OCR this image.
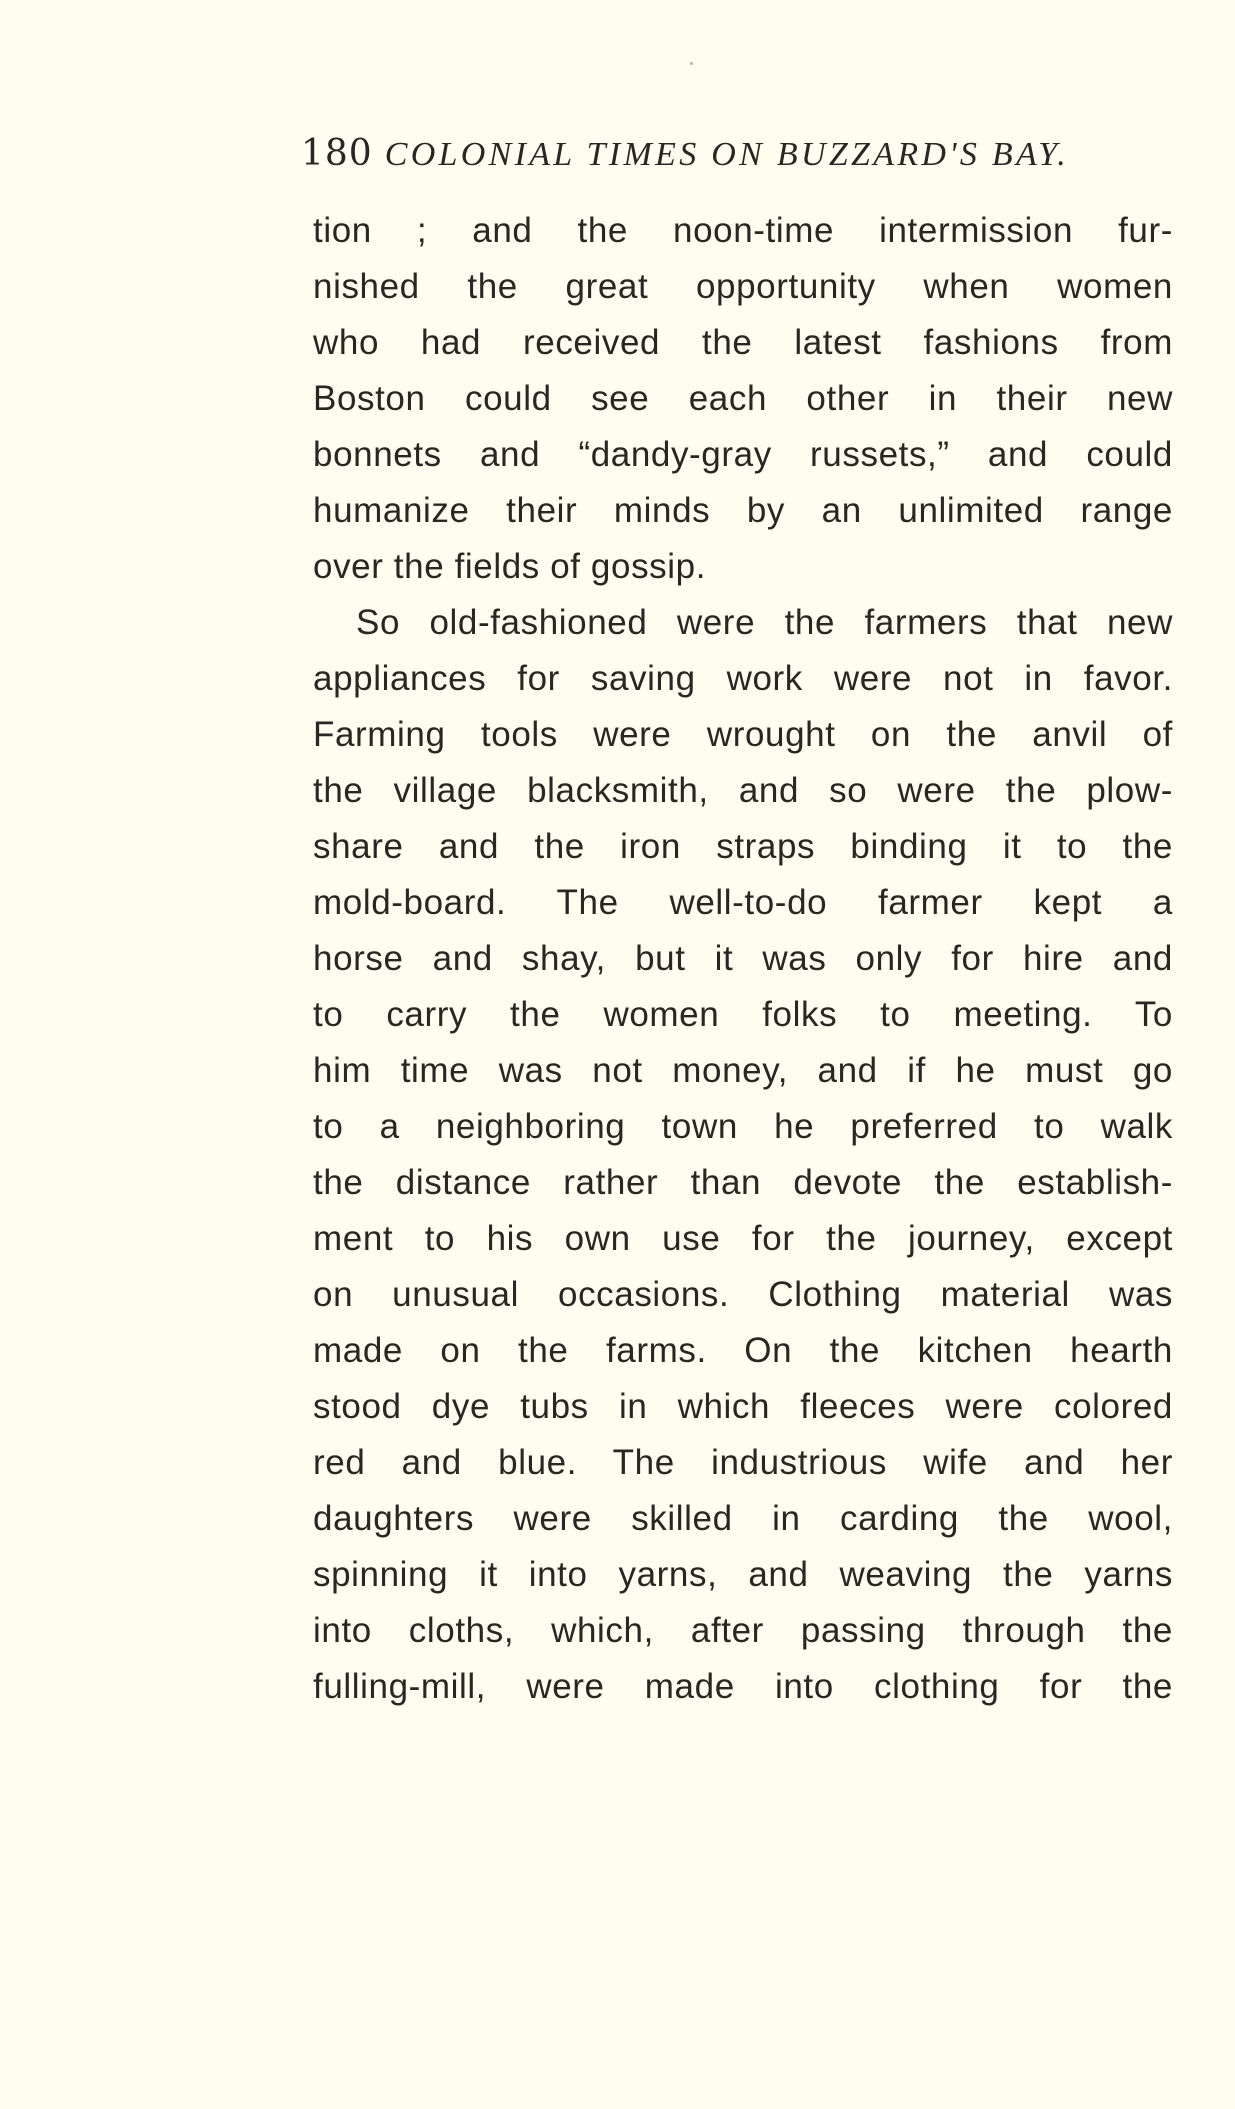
180 COLONIAL TIMES ON BUZZARD'S BAY.
tion ; and the noon-time intermission fur-
nished the great opportunity when women
who had received the latest fashions from
Boston could see each other in their new
bonnets and “dandy-gray russets,” and could
humanize their minds by an unlimited range
over the fields of gossip.
So old-fashioned were the farmers that new
appliances for saving work were not in favor.
Farming tools were wrought on the anvil of
the village blacksmith, and so were the plow-
share and the iron straps binding it to the
mold-board. The well-to-do farmer kept a
horse and shay, but it was only for hire and
to carry the women folks to meeting. To
him time was not money, and if he must go
to a neighboring town he preferred to walk
the distance rather than devote the establish-
ment to his own use for the journey, except
on unusual occasions. Clothing material was
made on the farms. On the kitchen hearth
stood dye tubs in which fleeces were colored
red and blue. The industrious wife and her
daughters were skilled in carding the wool,
spinning it into yarns, and weaving the yarns
into cloths, which, after passing through the
fulling-mill, were made into clothing for the
